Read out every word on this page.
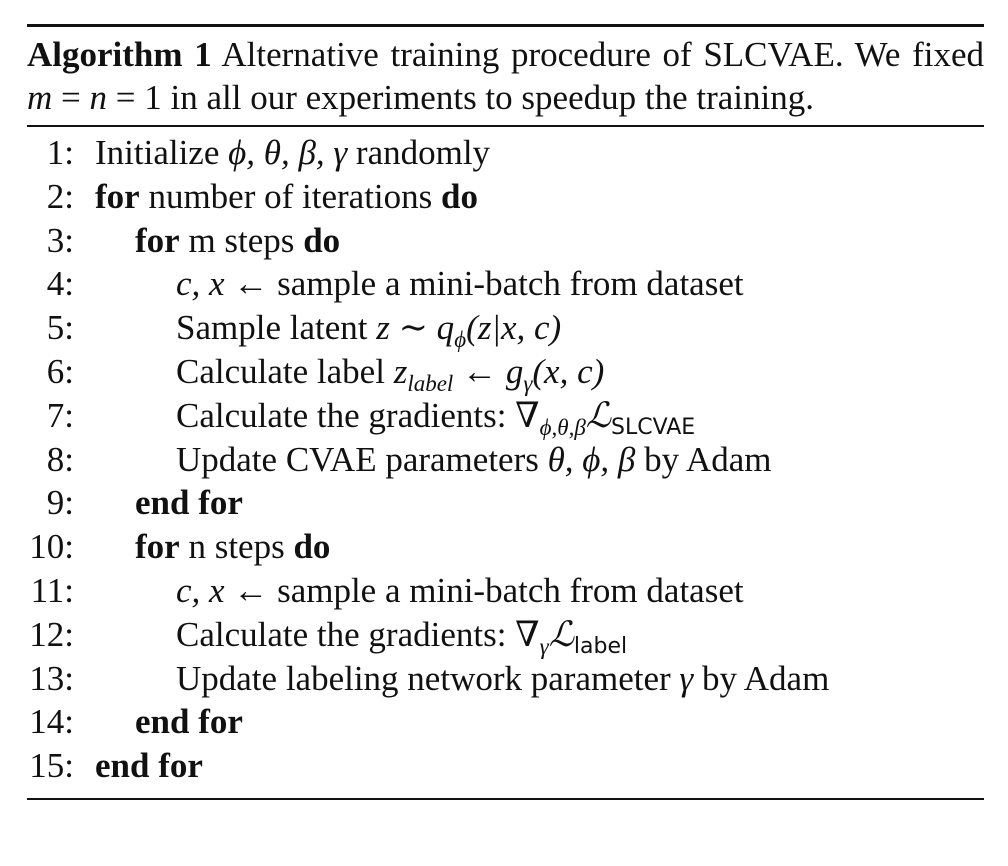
Algorithm 1 Alternative training procedure of SLCVAE. We fixed m = n = 1 in all our experiments to speedup the training.
1: Initialize ϕ, θ, β, γ randomly
2: for number of iterations do
3: for m steps do
4:	c, x ← sample a mini-batch from dataset
5:	Sample latent z ∼ $q_\phi(z|x$, c)
6:	Calculate label $z_{label}$ ← $g_\gamma(x$, c)
7:	Calculate the gradients: $\nabla_{\phi,\theta,\beta}ℒ_{SLCVAE}$
8:	Update CVAE parameters θ, ϕ, β by Adam
9: end for
10: for n steps do
11:	c, x ← sample a mini-batch from dataset
12:	Calculate the gradients: $\nabla_\gamma ℒ_{label}$
13:	Update labeling network parameter γ by Adam
14: end for
15: end for
